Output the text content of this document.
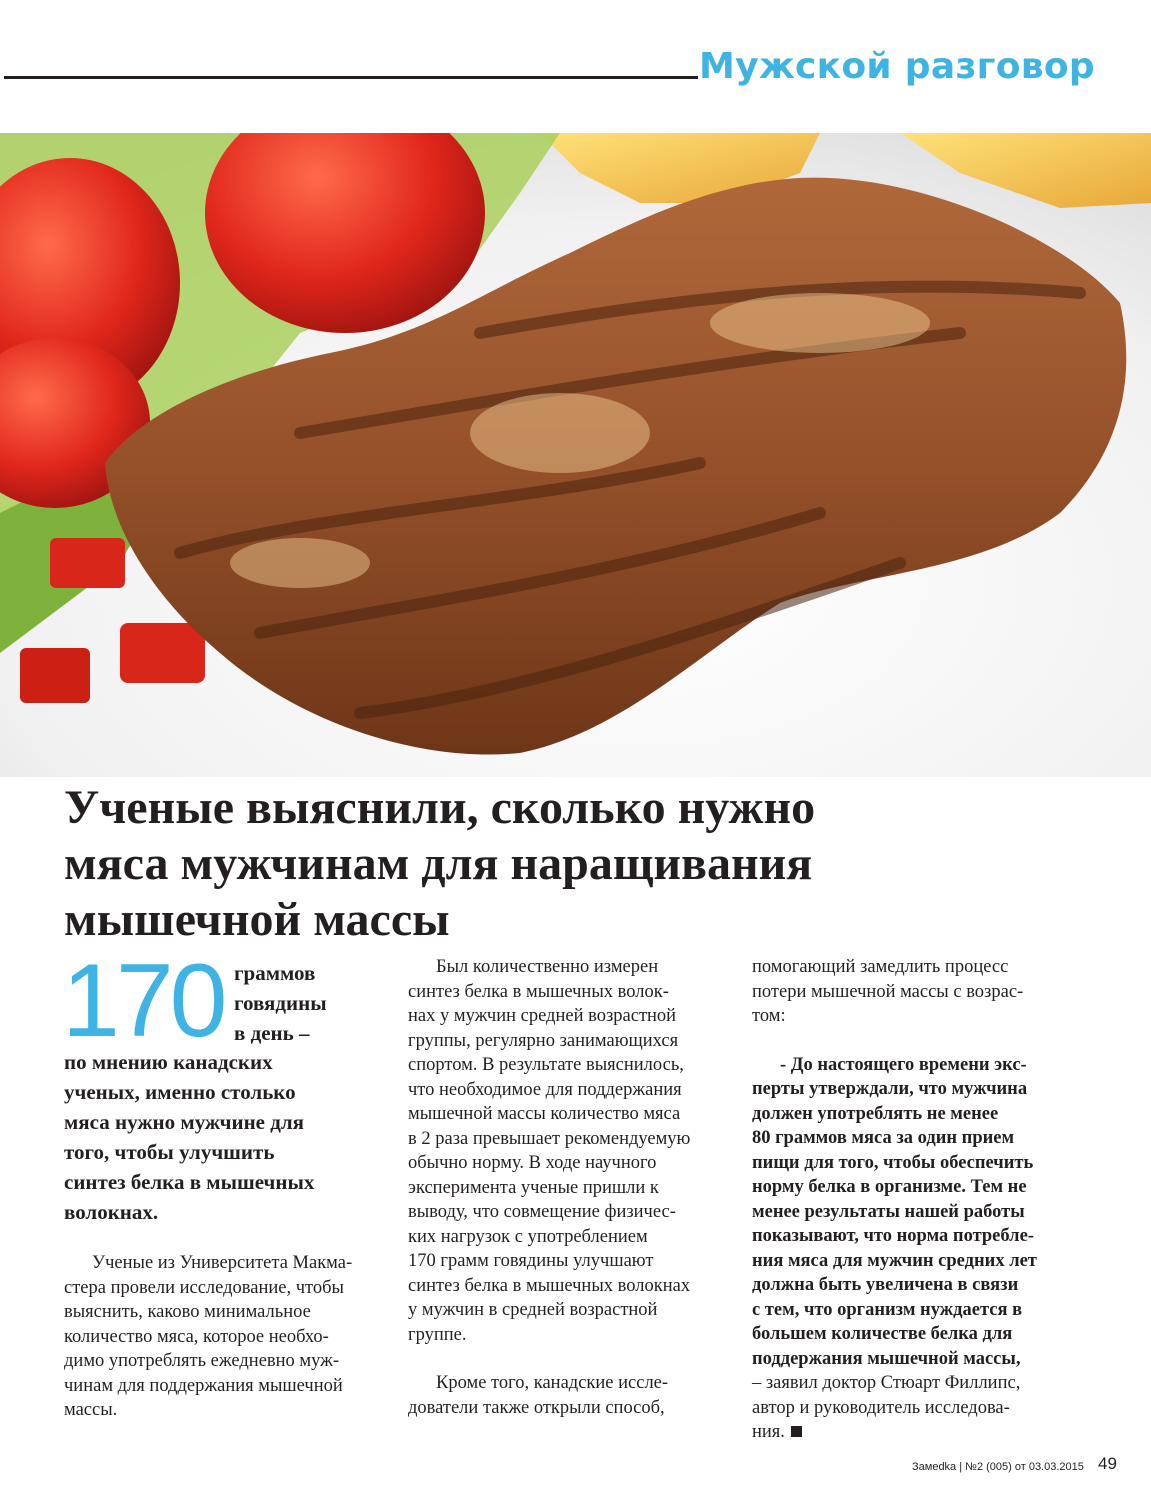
Мужской разговор
Ученые выяснили, сколько нужно
мяса мужчинам для наращивания
мышечной массы
170 граммов
говядины
в день –

по мнению канадских
ученых, именно столько
мяса нужно мужчине для
того, чтобы улучшить
синтез белка в мышечных
волокнах.

Ученые из Университета Макма-
стера провели исследование, чтобы
выяснить, каково минимальное
количество мяса, которое необхо-
димо употреблять ежедневно муж-
чинам для поддержания мышечной
массы.

Был количественно измерен
синтез белка в мышечных волок-
нах у мужчин средней возрастной
группы, регулярно занимающихся
спортом. В результате выяснилось,
что необходимое для поддержания
мышечной массы количество мяса
в 2 раза превышает рекомендуемую
обычно норму. В ходе научного
эксперимента ученые пришли к
выводу, что совмещение физичес-
ких нагрузок с употреблением
170 грамм говядины улучшают
синтез белка в мышечных волокнах
у мужчин в средней возрастной
группе.

Кроме того, канадские иссле-
дователи также открыли способ,

помогающий замедлить процесс
потери мышечной массы с возрас-
том:

- До настоящего времени экс-
перты утверждали, что мужчина
должен употреблять не менее
80 граммов мяса за один прием
пищи для того, чтобы обеспечить
норму белка в организме. Тем не
менее результаты нашей работы
показывают, что норма потребле-
ния мяса для мужчин средних лет
должна быть увеличена в связи
с тем, что организм нуждается в
большем количестве белка для
поддержания мышечной массы,

– заявил доктор Стюарт Филлипс,
автор и руководитель исследова-
ния.

Замedka | №2 (005) от 03.03.2015 49
